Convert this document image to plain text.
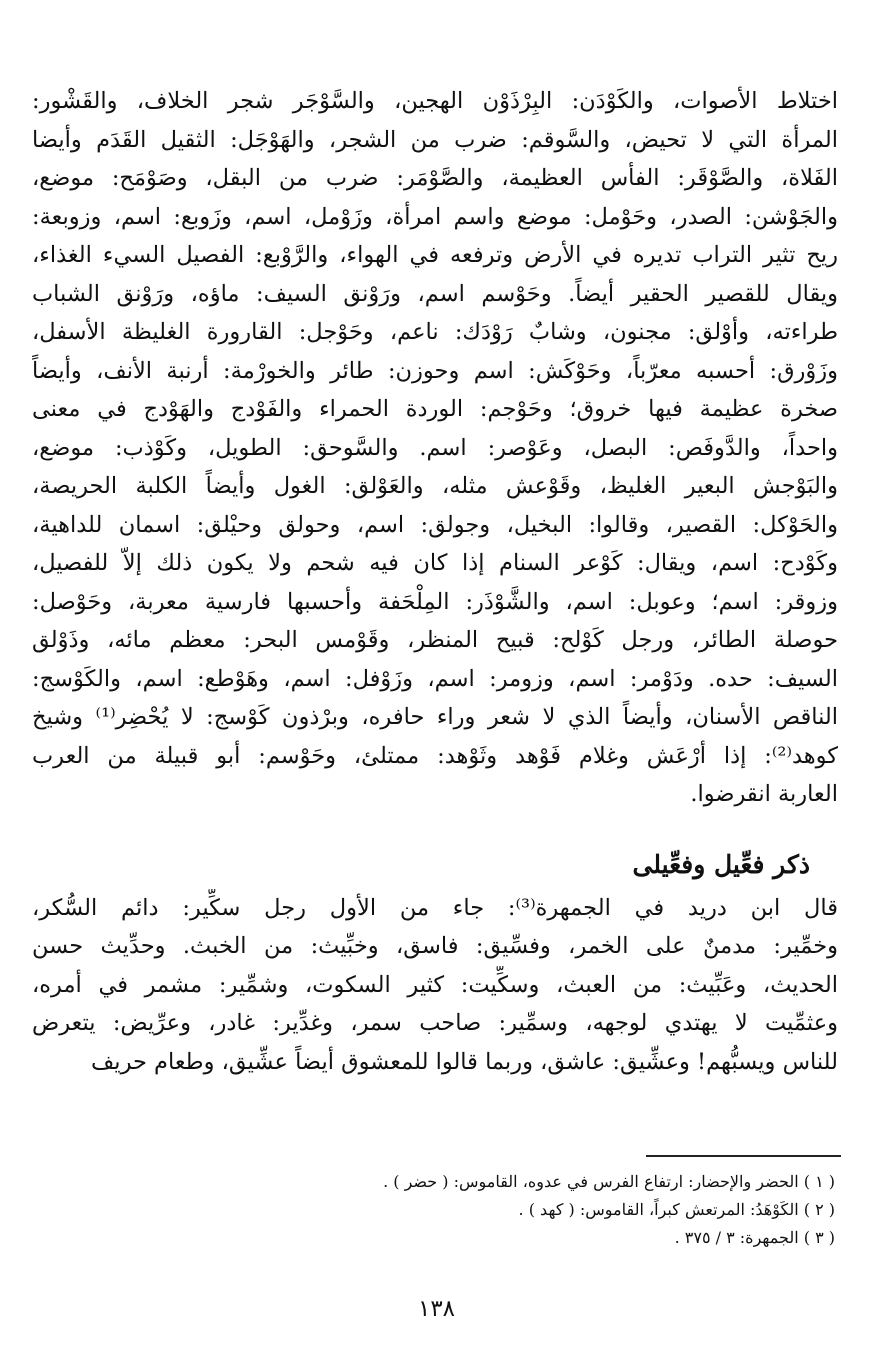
اختلاط الأصوات، والكَوْدَن: البِرْذَوْن الهجين، والسَّوْجَر شجر الخلاف، والقَشْور:
المرأة التي لا تحيض، والسَّوقم: ضرب من الشجر، والهَوْجَل: الثقيل القَدَم وأيضا
الفَلاة، والصَّوْقَر: الفأس العظيمة، والصَّوْمَر: ضرب من البقل، وصَوْمَح: موضع،
والجَوْشن: الصدر، وحَوْمل: موضع واسم امرأة، وزَوْمل، اسم، وزَوبع: اسم، وزوبعة:
ريح تثير التراب تديره في الأرض وترفعه في الهواء، والرَّوْبع: الفصيل السيء الغذاء،
ويقال للقصير الحقير أيضاً. وحَوْسم اسم، ورَوْنق السيف: ماؤه، ورَوْنق الشباب
طراءته، وأوْلق: مجنون، وشابٌ رَوْدَك: ناعم، وحَوْجل: القارورة الغليظة الأسفل،
وزَوْرق: أحسبه معرّباً، وحَوْكَش: اسم وحوزن: طائر والخورْمة: أرنبة الأنف، وأيضاً
صخرة عظيمة فيها خروق؛ وحَوْجم: الوردة الحمراء والفَوْدج والهَوْدج في معنى
واحداً، والدَّوفَص: البصل، وعَوْصر: اسم. والسَّوحق: الطويل، وكَوْذب: موضع،
والبَوْجش البعير الغليظ، وقَوْعش مثله، والعَوْلق: الغول وأيضاً الكلبة الحريصة،
والحَوْكل: القصير، وقالوا: البخيل، وجولق: اسم، وحولق وحيْلق: اسمان للداهية،
وكَوْدح: اسم، ويقال: كَوْعر السنام إذا كان فيه شحم ولا يكون ذلك إلاّ للفصيل،
وزوقر: اسم؛ وعوبل: اسم، والشَّوْذَر: المِلْحَفة وأحسبها فارسية معربة، وحَوْصل:
حوصلة الطائر، ورجل كَوْلح: قبيح المنظر، وقَوْمس البحر: معظم مائه، وذَوْلق
السيف: حده. ودَوْمر: اسم، وزومر: اسم، وزَوْفل: اسم، وهَوْطع: اسم، والكَوْسج:
الناقص الأسنان، وأيضاً الذي لا شعر وراء حافره، وبرْذون كَوْسج: لا يُحْضِر⁽¹⁾ وشيخ
كوهد⁽²⁾: إذا أرْعَش وغلام فَوْهد وثَوْهد: ممتلئ، وحَوْسم: أبو قبيلة من العرب
العاربة انقرضوا.
ذكر فعِّيل وفعِّيلى
قال ابن دريد في الجمهرة⁽³⁾: جاء من الأول رجل سكِّير: دائم السُّكر،
وخمِّير: مدمنٌ على الخمر، وفسِّيق: فاسق، وخبِّيث: من الخبث. وحدِّيث حسن
الحديث، وعَبِّيث: من العبث، وسكِّيت: كثير السكوت، وشمِّير: مشمر في أمره،
وعثمِّيت لا يهتدي لوجهه، وسمِّير: صاحب سمر، وغدِّير: غادر، وعرِّيض: يتعرض
للناس ويسبُّهم! وعشِّيق: عاشق، وربما قالوا للمعشوق أيضاً عشِّيق، وطعام حريف
( ١ ) الحضر والإحضار: ارتفاع الفرس في عدوه، القاموس: ( حضر ) .
( ٢ ) الكَوْهَدُ: المرتعش كبراً، القاموس: ( كهد ) .
( ٣ ) الجمهرة: ٣ / ٣٧٥ .
١٣٨
